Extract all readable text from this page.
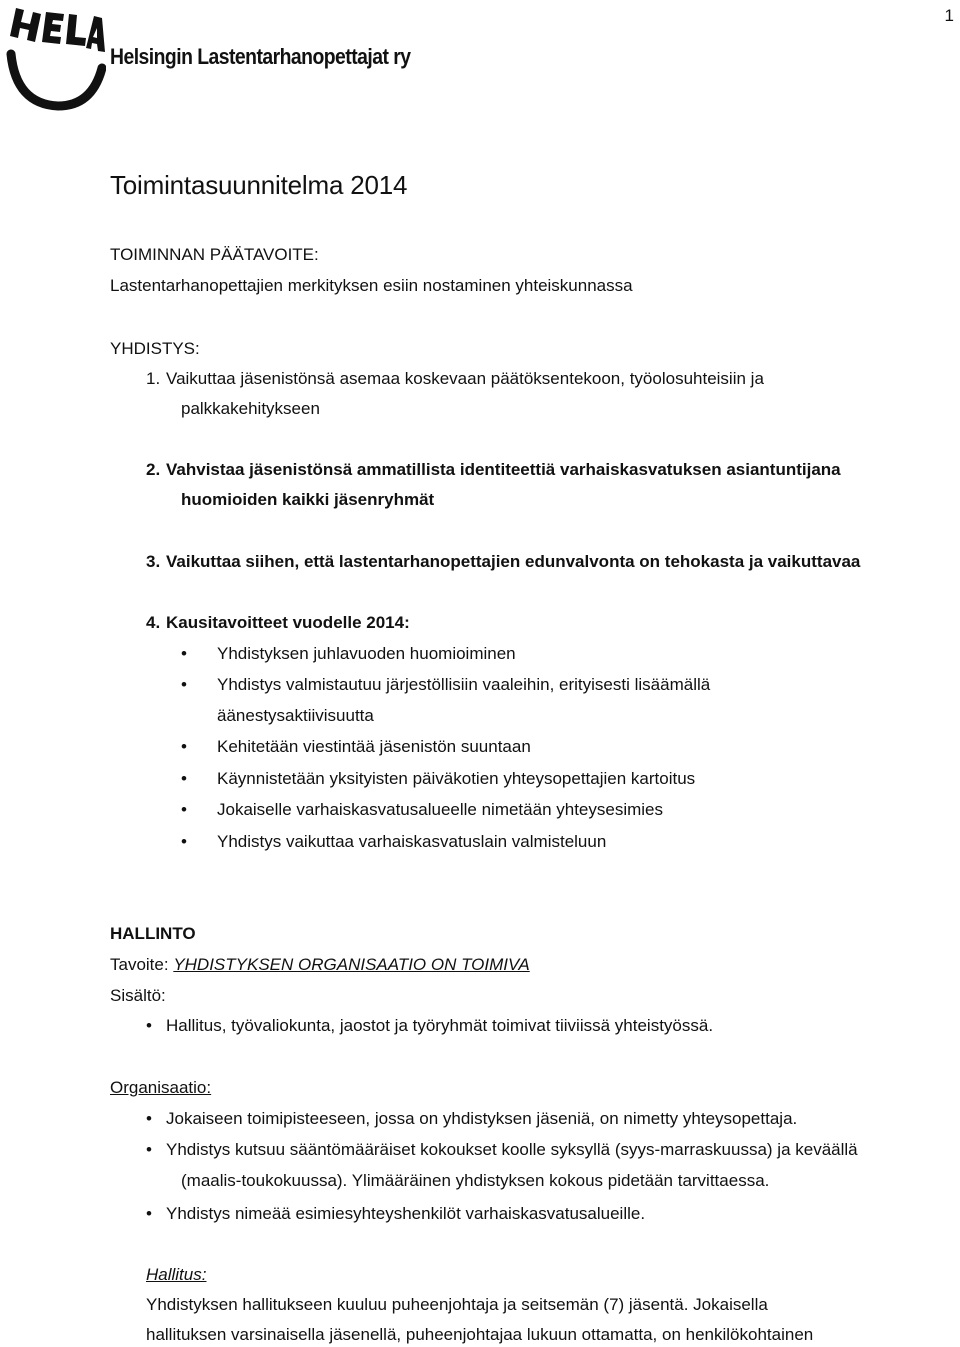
1
Helsingin Lastentarhanopettajat ry
Toimintasuunnitelma 2014
TOIMINNAN PÄÄTAVOITE:
Lastentarhanopettajien merkityksen esiin nostaminen yhteiskunnassa
YHDISTYS:
1. Vaikuttaa jäsenistönsä asemaa koskevaan päätöksentekoon, työolosuhteisiin ja
palkkakehitykseen
2. Vahvistaa jäsenistönsä ammatillista identiteettiä varhaiskasvatuksen asiantuntijana
huomioiden kaikki jäsenryhmät
3. Vaikuttaa siihen, että lastentarhanopettajien edunvalvonta on tehokasta ja vaikuttavaa
4. Kausitavoitteet vuodelle 2014:
• Yhdistyksen juhlavuoden huomioiminen
• Yhdistys valmistautuu järjestöllisiin vaaleihin, erityisesti lisäämällä
äänestysaktiivisuutta
• Kehitetään viestintää jäsenistön suuntaan
• Käynnistetään yksityisten päiväkotien yhteysopettajien kartoitus
• Jokaiselle varhaiskasvatusalueelle nimetään yhteysesimies
• Yhdistys vaikuttaa varhaiskasvatuslain valmisteluun
HALLINTO
Tavoite: YHDISTYKSEN ORGANISAATIO ON TOIMIVA
Sisältö:
• Hallitus, työvaliokunta, jaostot ja työryhmät toimivat tiiviissä yhteistyössä.
Organisaatio:
• Jokaiseen toimipisteeseen, jossa on yhdistyksen jäseniä, on nimetty yhteysopettaja.
• Yhdistys kutsuu sääntömääräiset kokoukset koolle syksyllä (syys-marraskuussa) ja keväällä
(maalis-toukokuussa). Ylimääräinen yhdistyksen kokous pidetään tarvittaessa.
• Yhdistys nimeää esimiesyhteyshenkilöt varhaiskasvatusalueille.
Hallitus:
Yhdistyksen hallitukseen kuuluu puheenjohtaja ja seitsemän (7) jäsentä. Jokaisella
hallituksen varsinaisella jäsenellä, puheenjohtajaa lukuun ottamatta, on henkilökohtainen
